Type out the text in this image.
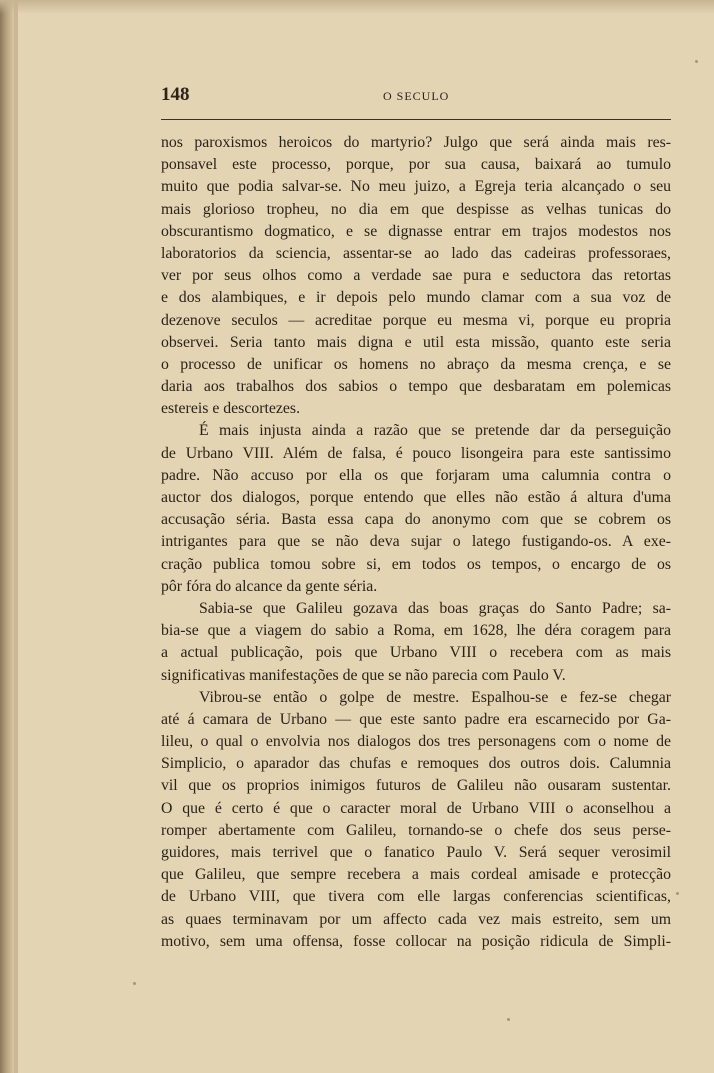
148	O SECULO
nos paroxismos heroicos do martyrio? Julgo que será ainda mais res-
ponsavel este processo, porque, por sua causa, baixará ao tumulo
muito que podia salvar-se. No meu juizo, a Egreja teria alcançado o seu
mais glorioso tropheu, no dia em que despisse as velhas tunicas do
obscurantismo dogmatico, e se dignasse entrar em trajos modestos nos
laboratorios da sciencia, assentar-se ao lado das cadeiras professoraes,
ver por seus olhos como a verdade sae pura e seductora das retortas
e dos alambiques, e ir depois pelo mundo clamar com a sua voz de
dezenove seculos — acreditae porque eu mesma vi, porque eu propria
observei. Seria tanto mais digna e util esta missão, quanto este seria
o processo de unificar os homens no abraço da mesma crença, e se
daria aos trabalhos dos sabios o tempo que desbaratam em polemicas
estereis e descortezes.
É mais injusta ainda a razão que se pretende dar da perseguição
de Urbano VIII. Além de falsa, é pouco lisongeira para este santissimo
padre. Não accuso por ella os que forjaram uma calumnia contra o
auctor dos dialogos, porque entendo que elles não estão á altura d'uma
accusação séria. Basta essa capa do anonymo com que se cobrem os
intrigantes para que se não deva sujar o latego fustigando-os. A exe-
cração publica tomou sobre si, em todos os tempos, o encargo de os
pôr fóra do alcance da gente séria.
Sabia-se que Galileu gozava das boas graças do Santo Padre; sa-
bia-se que a viagem do sabio a Roma, em 1628, lhe déra coragem para
a actual publicação, pois que Urbano VIII o recebera com as mais
significativas manifestações de que se não parecia com Paulo V.
Vibrou-se então o golpe de mestre. Espalhou-se e fez-se chegar
até á camara de Urbano — que este santo padre era escarnecido por Ga-
lileu, o qual o envolvia nos dialogos dos tres personagens com o nome de
Simplicio, o aparador das chufas e remoques dos outros dois. Calumnia
vil que os proprios inimigos futuros de Galileu não ousaram sustentar.
O que é certo é que o caracter moral de Urbano VIII o aconselhou a
romper abertamente com Galileu, tornando-se o chefe dos seus perse-
guidores, mais terrivel que o fanatico Paulo V. Será sequer verosimil
que Galileu, que sempre recebera a mais cordeal amisade e protecção
de Urbano VIII, que tivera com elle largas conferencias scientificas,
as quaes terminavam por um affecto cada vez mais estreito, sem um
motivo, sem uma offensa, fosse collocar na posição ridicula de Simpli-
